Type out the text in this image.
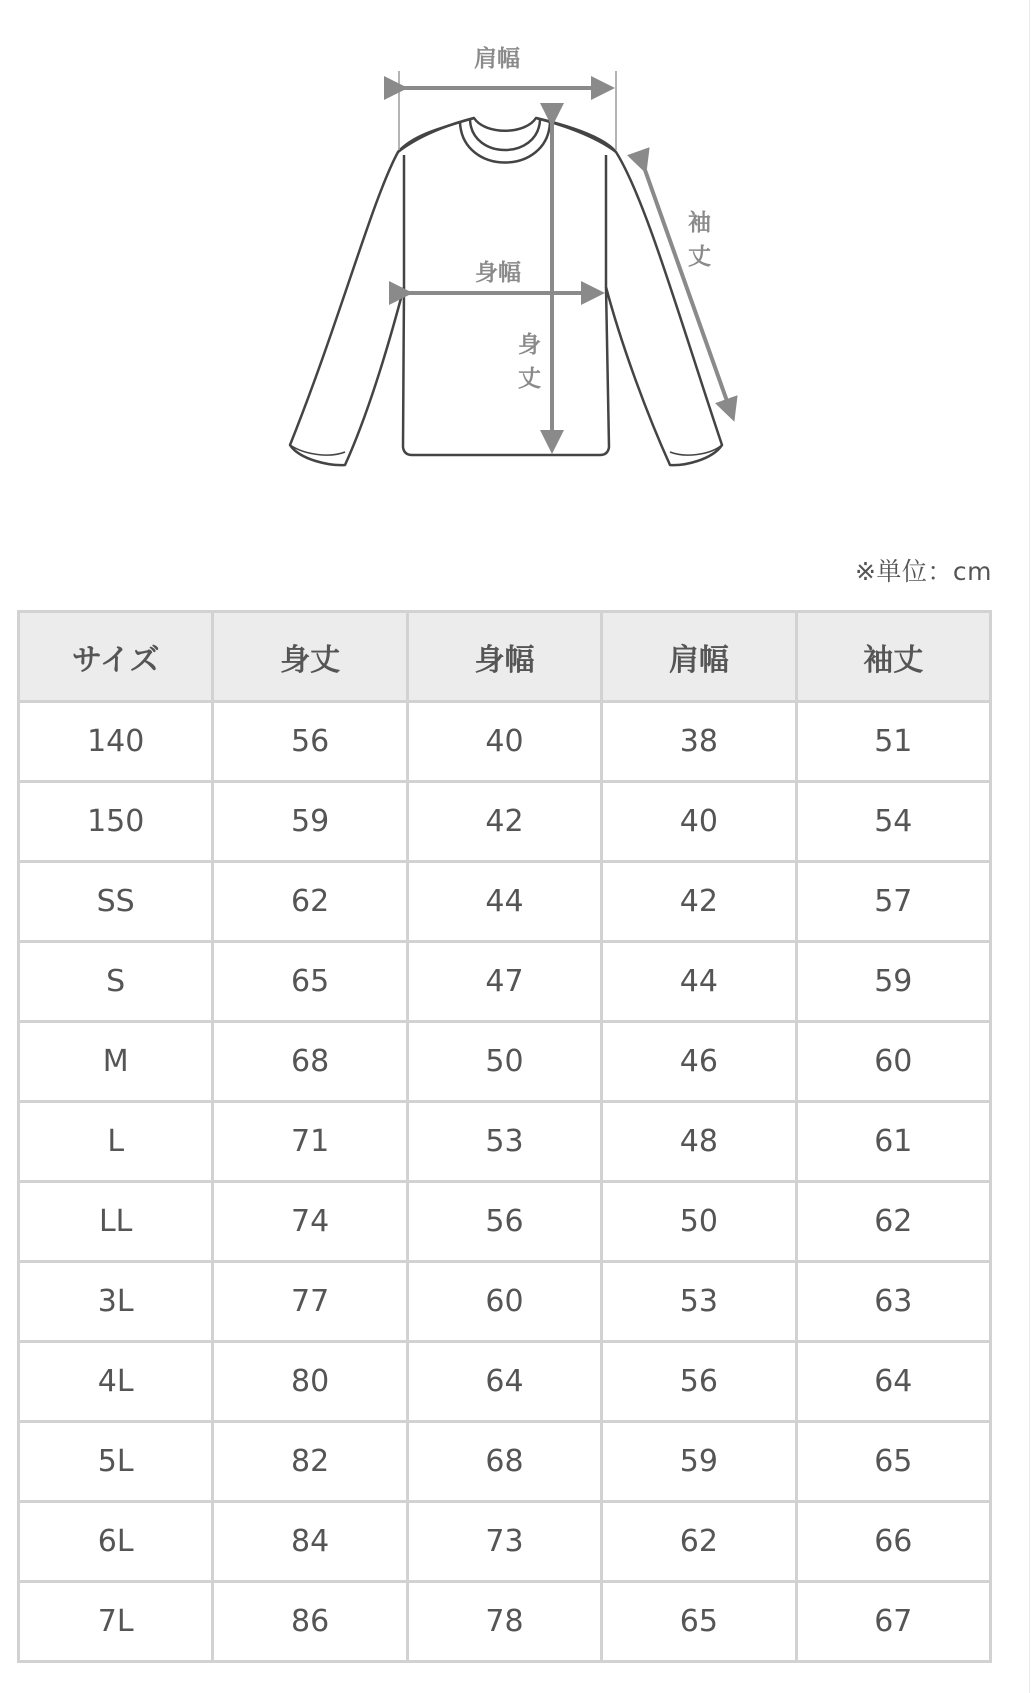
肩幅
身幅
身
丈
袖
丈
※単位：cm
サイズ	身丈	身幅	肩幅	袖丈
140	56	40	38	51
150	59	42	40	54
SS	62	44	42	57
S	65	47	44	59
M	68	50	46	60
L	71	53	48	61
LL	74	56	50	62
3L	77	60	53	63
4L	80	64	56	64
5L	82	68	59	65
6L	84	73	62	66
7L	86	78	65	67
